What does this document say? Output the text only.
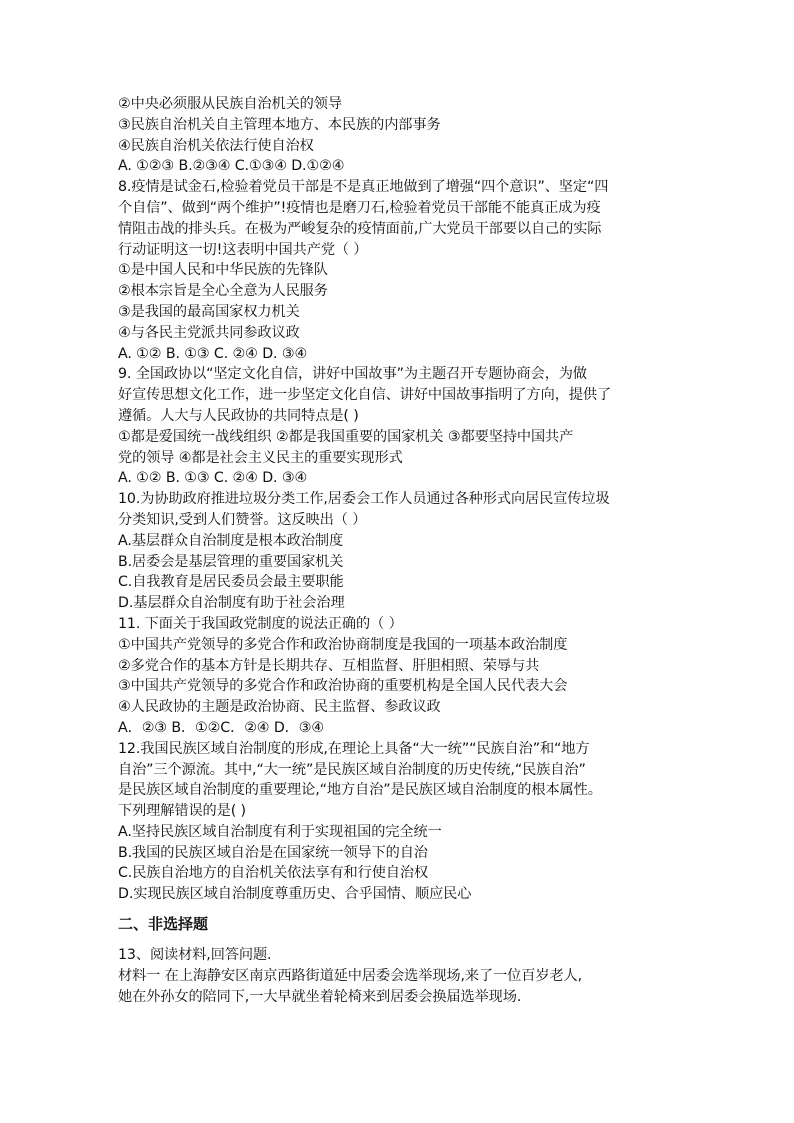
②中央必须服从民族自治机关的领导
③民族自治机关自主管理本地方、本民族的内部事务
④民族自治机关依法行使自治权
A. ①②③ B.②③④ C.①③④ D.①②④
8.疫情是试金石,检验着党员干部是不是真正地做到了增强“四个意识”、坚定“四
个自信”、做到“两个维护”!疫情也是磨刀石,检验着党员干部能不能真正成为疫
情阻击战的排头兵。在极为严峻复杂的疫情面前,广大党员干部要以自己的实际
行动证明这一切!这表明中国共产党（ ）
①是中国人民和中华民族的先锋队
②根本宗旨是全心全意为人民服务
③是我国的最高国家权力机关
④与各民主党派共同参政议政
A. ①② B. ①③ C. ②④ D. ③④
9. 全国政协以“坚定文化自信，讲好中国故事”为主题召开专题协商会，为做
好宣传思想文化工作，进一步坚定文化自信、讲好中国故事指明了方向，提供了
遵循。人大与人民政协的共同特点是( )
①都是爱国统一战线组织 ②都是我国重要的国家机关 ③都要坚持中国共产
党的领导 ④都是社会主义民主的重要实现形式
A. ①② B. ①③ C. ②④ D. ③④
10.为协助政府推进垃圾分类工作,居委会工作人员通过各种形式向居民宣传垃圾
分类知识,受到人们赞誉。这反映出（ ）
A.基层群众自治制度是根本政治制度
B.居委会是基层管理的重要国家机关
C.自我教育是居民委员会最主要职能
D.基层群众自治制度有助于社会治理
11. 下面关于我国政党制度的说法正确的（ ）
①中国共产党领导的多党合作和政治协商制度是我国的一项基本政治制度
②多党合作的基本方针是长期共存、互相监督、肝胆相照、荣辱与共
③中国共产党领导的多党合作和政治协商的重要机构是全国人民代表大会
④人民政协的主题是政治协商、民主监督、参政议政
A．②③ B．①②C．②④ D．③④
12.我国民族区域自治制度的形成,在理论上具备“大一统”“民族自治”和“地方
自治”三个源流。其中,“大一统”是民族区域自治制度的历史传统,“民族自治”
是民族区域自治制度的重要理论,“地方自治”是民族区域自治制度的根本属性。
下列理解错误的是( )
A.坚持民族区域自治制度有利于实现祖国的完全统一
B.我国的民族区域自治是在国家统一领导下的自治
C.民族自治地方的自治机关依法享有和行使自治权
D.实现民族区域自治制度尊重历史、合乎国情、顺应民心
二、非选择题
13、阅读材料,回答问题.
材料一 在上海静安区南京西路街道延中居委会选举现场,来了一位百岁老人,
她在外孙女的陪同下,一大早就坐着轮椅来到居委会换届选举现场.
